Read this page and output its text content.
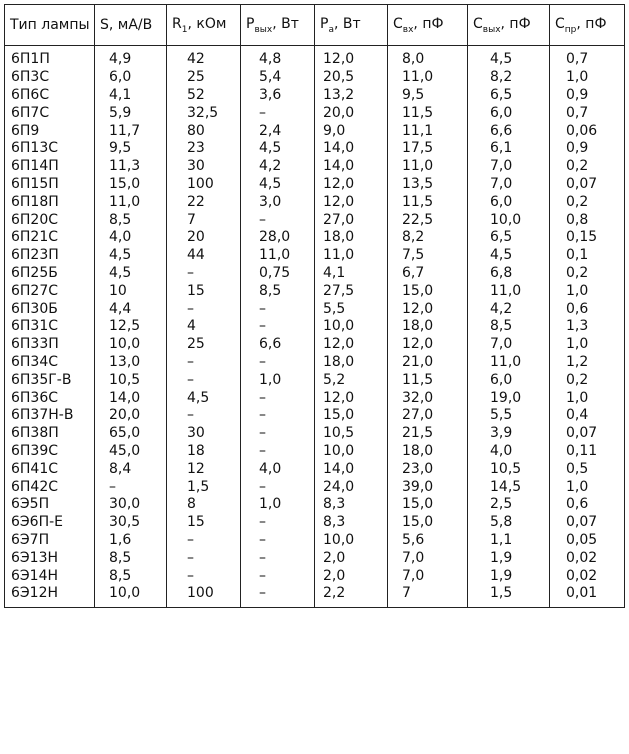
Тип лампы	S, мА/В	$R_1$, кОм	$P_{вых}$, Вт	$P_a$, Вт	$C_{вх}$, пФ	$C_{вых}$, пФ	$C_{пр}$, пФ
6П1П	4,9	42	4,8	12,0	8,0	4,5	0,7
6П3С	6,0	25	5,4	20,5	11,0	8,2	1,0
6П6С	4,1	52	3,6	13,2	9,5	6,5	0,9
6П7С	5,9	32,5	–	20,0	11,5	6,0	0,7
6П9	11,7	80	2,4	9,0	11,1	6,6	0,06
6П13С	9,5	23	4,5	14,0	17,5	6,1	0,9
6П14П	11,3	30	4,2	14,0	11,0	7,0	0,2
6П15П	15,0	100	4,5	12,0	13,5	7,0	0,07
6П18П	11,0	22	3,0	12,0	11,5	6,0	0,2
6П20С	8,5	7	–	27,0	22,5	10,0	0,8
6П21С	4,0	20	28,0	18,0	8,2	6,5	0,15
6П23П	4,5	44	11,0	11,0	7,5	4,5	0,1
6П25Б	4,5	–	0,75	4,1	6,7	6,8	0,2
6П27С	10	15	8,5	27,5	15,0	11,0	1,0
6П30Б	4,4	–	–	5,5	12,0	4,2	0,6
6П31С	12,5	4	–	10,0	18,0	8,5	1,3
6П33П	10,0	25	6,6	12,0	12,0	7,0	1,0
6П34С	13,0	–	–	18,0	21,0	11,0	1,2
6П35Г-В	10,5	–	1,0	5,2	11,5	6,0	0,2
6П36С	14,0	4,5	–	12,0	32,0	19,0	1,0
6П37Н-В	20,0	–	–	15,0	27,0	5,5	0,4
6П38П	65,0	30	–	10,5	21,5	3,9	0,07
6П39С	45,0	18	–	10,0	18,0	4,0	0,11
6П41С	8,4	12	4,0	14,0	23,0	10,5	0,5
6П42С	–	1,5	–	24,0	39,0	14,5	1,0
6Э5П	30,0	8	1,0	8,3	15,0	2,5	0,6
6Э6П-Е	30,5	15	–	8,3	15,0	5,8	0,07
6Э7П	1,6	–	–	10,0	5,6	1,1	0,05
6Э13Н	8,5	–	–	2,0	7,0	1,9	0,02
6Э14Н	8,5	–	–	2,0	7,0	1,9	0,02
6Э12Н	10,0	100	–	2,2	7	1,5	0,01
